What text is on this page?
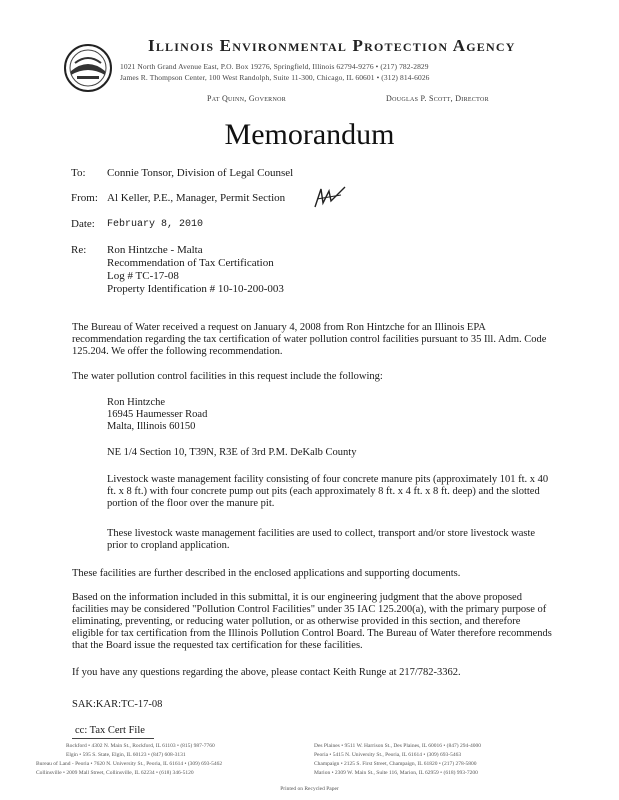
Illinois Environmental Protection Agency
1021 North Grand Avenue East, P.O. Box 19276, Springfield, Illinois 62794-9276 • (217) 782-2829
James R. Thompson Center, 100 West Randolph, Suite 11-300, Chicago, IL 60601 • (312) 814-6026
Pat Quinn, Governor	Douglas P. Scott, Director
Memorandum
To: Connie Tonsor, Division of Legal Counsel
From: Al Keller, P.E., Manager, Permit Section
Date: February 8, 2010
Re: Ron Hintzche - Malta
Recommendation of Tax Certification
Log # TC-17-08
Property Identification # 10-10-200-003
The Bureau of Water received a request on January 4, 2008 from Ron Hintzche for an Illinois EPA recommendation regarding the tax certification of water pollution control facilities pursuant to 35 Ill. Adm. Code 125.204. We offer the following recommendation.
The water pollution control facilities in this request include the following:
Ron Hintzche
16945 Haumesser Road
Malta, Illinois 60150
NE 1/4 Section 10, T39N, R3E of 3rd P.M. DeKalb County
Livestock waste management facility consisting of four concrete manure pits (approximately 101 ft. x 40 ft. x 8 ft.) with four concrete pump out pits (each approximately 8 ft. x 4 ft. x 8 ft. deep) and the slotted portion of the floor over the manure pit.
These livestock waste management facilities are used to collect, transport and/or store livestock waste prior to cropland application.
These facilities are further described in the enclosed applications and supporting documents.
Based on the information included in this submittal, it is our engineering judgment that the above proposed facilities may be considered "Pollution Control Facilities" under 35 IAC 125.200(a), with the primary purpose of eliminating, preventing, or reducing water pollution, or as otherwise provided in this section, and therefore eligible for tax certification from the Illinois Pollution Control Board. The Bureau of Water therefore recommends that the Board issue the requested tax certification for these facilities.
If you have any questions regarding the above, please contact Keith Runge at 217/782-3362.
SAK:KAR:TC-17-08
cc: Tax Cert File
Rockford • 4302 N. Main St., Rockford, IL 61103 • (815) 987-7760
Elgin • 595 S. State, Elgin, IL 60123 • (847) 608-3131
Bureau of Land - Peoria • 7620 N. University St., Peoria, IL 61614 • (309) 693-5462
Collinsville • 2009 Mall Street, Collinsville, IL 62234 • (618) 346-5120
Des Plaines • 9511 W. Harrison St., Des Plaines, IL 60016 • (847) 294-4000
Peoria • 5415 N. University St., Peoria, IL 61614 • (309) 693-5463
Champaign • 2125 S. First Street, Champaign, IL 61820 • (217) 278-5800
Marion • 2309 W. Main St., Suite 116, Marion, IL 62959 • (618) 993-7200
Printed on Recycled Paper
